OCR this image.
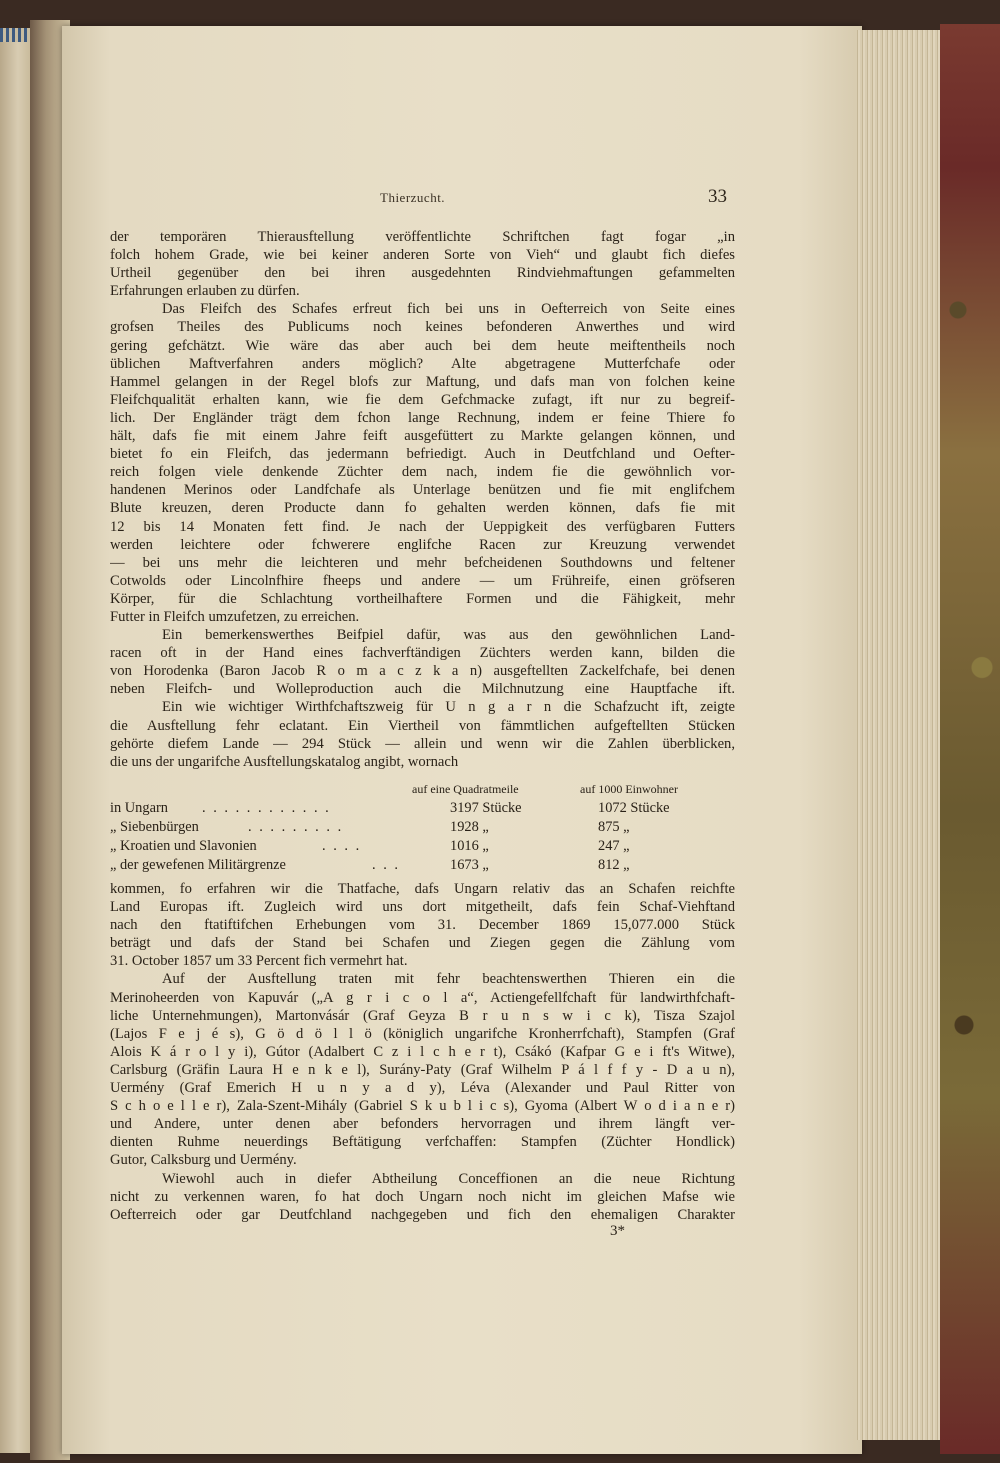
Thierzucht.	33
der temporären Thierausftellung veröffentlichte Schriftchen fagt fogar „in
folch hohem Grade, wie bei keiner anderen Sorte von Vieh“ und glaubt fich diefes
Urtheil gegenüber den bei ihren ausgedehnten Rindviehmaftungen gefammelten
Erfahrungen erlauben zu dürfen.
Das Fleifch des Schafes erfreut fich bei uns in Oefterreich von Seite eines
grofsen Theiles des Publicums noch keines befonderen Anwerthes und wird
gering gefchätzt. Wie wäre das aber auch bei dem heute meiftentheils noch
üblichen Maftverfahren anders möglich? Alte abgetragene Mutterfchafe oder
Hammel gelangen in der Regel blofs zur Maftung, und dafs man von folchen keine
Fleifchqualität erhalten kann, wie fie dem Gefchmacke zufagt, ift nur zu begreif-
lich. Der Engländer trägt dem fchon lange Rechnung, indem er feine Thiere fo
hält, dafs fie mit einem Jahre feift ausgefüttert zu Markte gelangen können, und
bietet fo ein Fleifch, das jedermann befriedigt. Auch in Deutfchland und Oefter-
reich folgen viele denkende Züchter dem nach, indem fie die gewöhnlich vor-
handenen Merinos oder Landfchafe als Unterlage benützen und fie mit englifchem
Blute kreuzen, deren Producte dann fo gehalten werden können, dafs fie mit
12 bis 14 Monaten fett find. Je nach der Ueppigkeit des verfügbaren Futters
werden leichtere oder fchwerere englifche Racen zur Kreuzung verwendet
— bei uns mehr die leichteren und mehr befcheidenen Southdowns und feltener
Cotwolds oder Lincolnfhire fheeps und andere — um Frühreife, einen gröfseren
Körper, für die Schlachtung vortheilhaftere Formen und die Fähigkeit, mehr
Futter in Fleifch umzufetzen, zu erreichen.
Ein bemerkenswerthes Beifpiel dafür, was aus den gewöhnlichen Land-
racen oft in der Hand eines fachverftändigen Züchters werden kann, bilden die
von Horodenka (Baron Jacob R o m a c z k a n) ausgeftellten Zackelfchafe, bei denen
neben Fleifch- und Wolleproduction auch die Milchnutzung eine Hauptfache ift.
Ein wie wichtiger Wirthfchaftszweig für U n g a r n die Schafzucht ift, zeigte
die Ausftellung fehr eclatant. Ein Viertheil von fämmtlichen aufgeftellten Stücken
gehörte diefem Lande — 294 Stück — allein und wenn wir die Zahlen überblicken,
die uns der ungarifche Ausftellungskatalog angibt, wornach
auf eine Quadratmeile	auf 1000 Einwohner
in Ungarn . . . . . . . . . . . .	3197 Stücke	1072 Stücke
„ Siebenbürgen	. . . . . . . . .	1928 „	875 „
„ Kroatien und Slavonien	. . . .	1016 „	247 „
„ der gewefenen Militärgrenze	. . .	1673 „	812 „
kommen, fo erfahren wir die Thatfache, dafs Ungarn relativ das an Schafen reichfte
Land Europas ift. Zugleich wird uns dort mitgetheilt, dafs fein Schaf-Viehftand
nach den ftatiftifchen Erhebungen vom 31. December 1869 15,077.000 Stück
beträgt und dafs der Stand bei Schafen und Ziegen gegen die Zählung vom
31. October 1857 um 33 Percent fich vermehrt hat.
Auf der Ausftellung traten mit fehr beachtenswerthen Thieren ein die
Merinoheerden von Kapuvár („A g r i c o l a“, Actiengefellfchaft für landwirthfchaft-
liche Unternehmungen), Martonvásár (Graf Geyza B r u n s w i c k), Tisza Szajol
(Lajos F e j é s), G ö d ö l l ö (königlich ungarifche Kronherrfchaft), Stampfen (Graf
Alois K á r o l y i), Gútor (Adalbert C z i l c h e r t), Csákó (Kafpar G e i ft's Witwe),
Carlsburg (Gräfin Laura H e n k e l), Surány-Paty (Graf Wilhelm P á l f f y - D a u n),
Uermény (Graf Emerich H u n y a d y), Léva (Alexander und Paul Ritter von
S c h o e l l e r), Zala-Szent-Mihály (Gabriel S k u b l i c s), Gyoma (Albert W o d i a n e r)
und Andere, unter denen aber befonders hervorragen und ihrem längft ver-
dienten Ruhme neuerdings Beftätigung verfchaffen: Stampfen (Züchter Hondlick)
Gutor, Calksburg und Uermény.
Wiewohl auch in diefer Abtheilung Conceffionen an die neue Richtung
nicht zu verkennen waren, fo hat doch Ungarn noch nicht im gleichen Mafse wie
Oefterreich oder gar Deutfchland nachgegeben und fich den ehemaligen Charakter
3*
